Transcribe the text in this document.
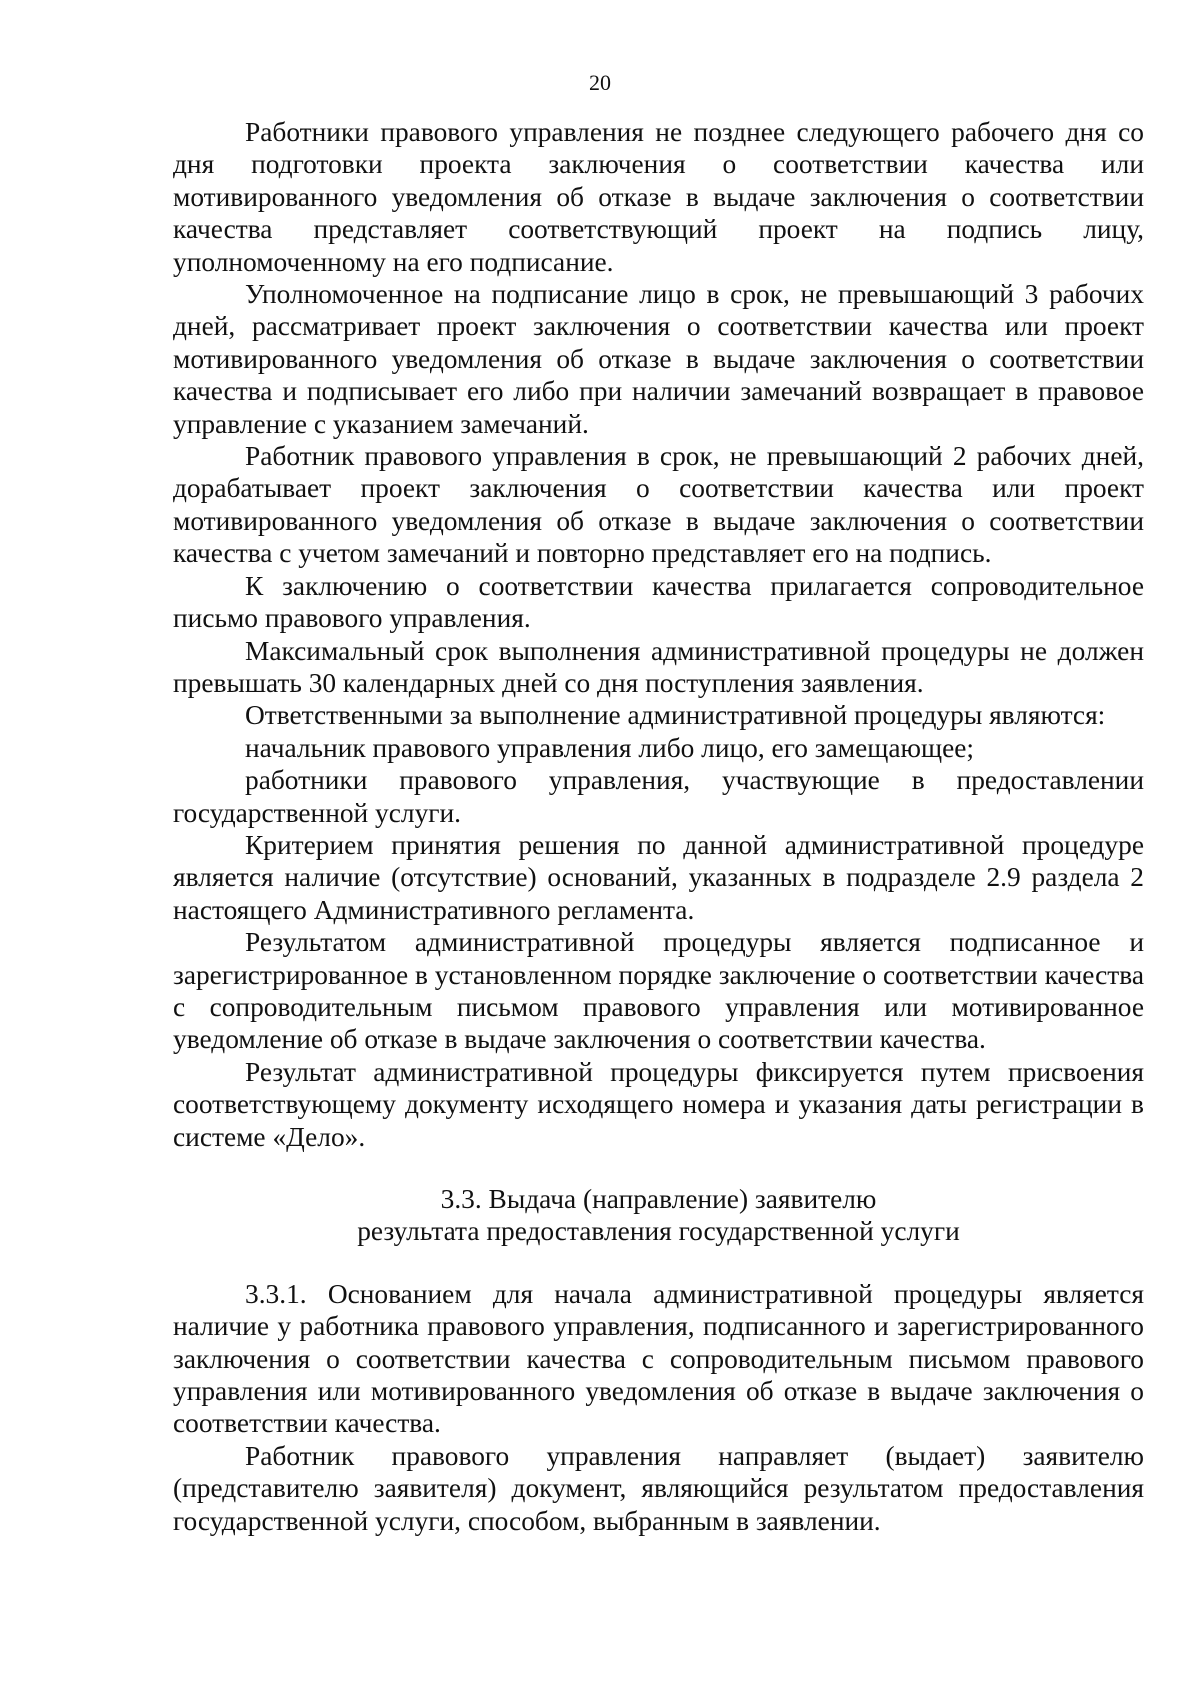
20

Работники правового управления не позднее следующего рабочего дня со дня подготовки проекта заключения о соответствии качества или мотивированного уведомления об отказе в выдаче заключения о соответствии качества представляет соответствующий проект на подпись лицу, уполномоченному на его подписание.

Уполномоченное на подписание лицо в срок, не превышающий 3 рабочих дней, рассматривает проект заключения о соответствии качества или проект мотивированного уведомления об отказе в выдаче заключения о соответствии качества и подписывает его либо при наличии замечаний возвращает в правовое управление с указанием замечаний.

Работник правового управления в срок, не превышающий 2 рабочих дней, дорабатывает проект заключения о соответствии качества или проект мотивированного уведомления об отказе в выдаче заключения о соответствии качества с учетом замечаний и повторно представляет его на подпись.

К заключению о соответствии качества прилагается сопроводительное письмо правового управления.

Максимальный срок выполнения административной процедуры не должен превышать 30 календарных дней со дня поступления заявления.

Ответственными за выполнение административной процедуры являются:

начальник правового управления либо лицо, его замещающее;

работники правового управления, участвующие в предоставлении государственной услуги.

Критерием принятия решения по данной административной процедуре является наличие (отсутствие) оснований, указанных в подразделе 2.9 раздела 2 настоящего Административного регламента.

Результатом административной процедуры является подписанное и зарегистрированное в установленном порядке заключение о соответствии качества с сопроводительным письмом правового управления или мотивированное уведомление об отказе в выдаче заключения о соответствии качества.

Результат административной процедуры фиксируется путем присвоения соответствующему документу исходящего номера и указания даты регистрации в системе «Дело».

3.3. Выдача (направление) заявителю
результата предоставления государственной услуги

3.3.1. Основанием для начала административной процедуры является наличие у работника правового управления, подписанного и зарегистрированного заключения о соответствии качества с сопроводительным письмом правового управления или мотивированного уведомления об отказе в выдаче заключения о соответствии качества.

Работник правового управления направляет (выдает) заявителю (представителю заявителя) документ, являющийся результатом предоставления государственной услуги, способом, выбранным в заявлении.
